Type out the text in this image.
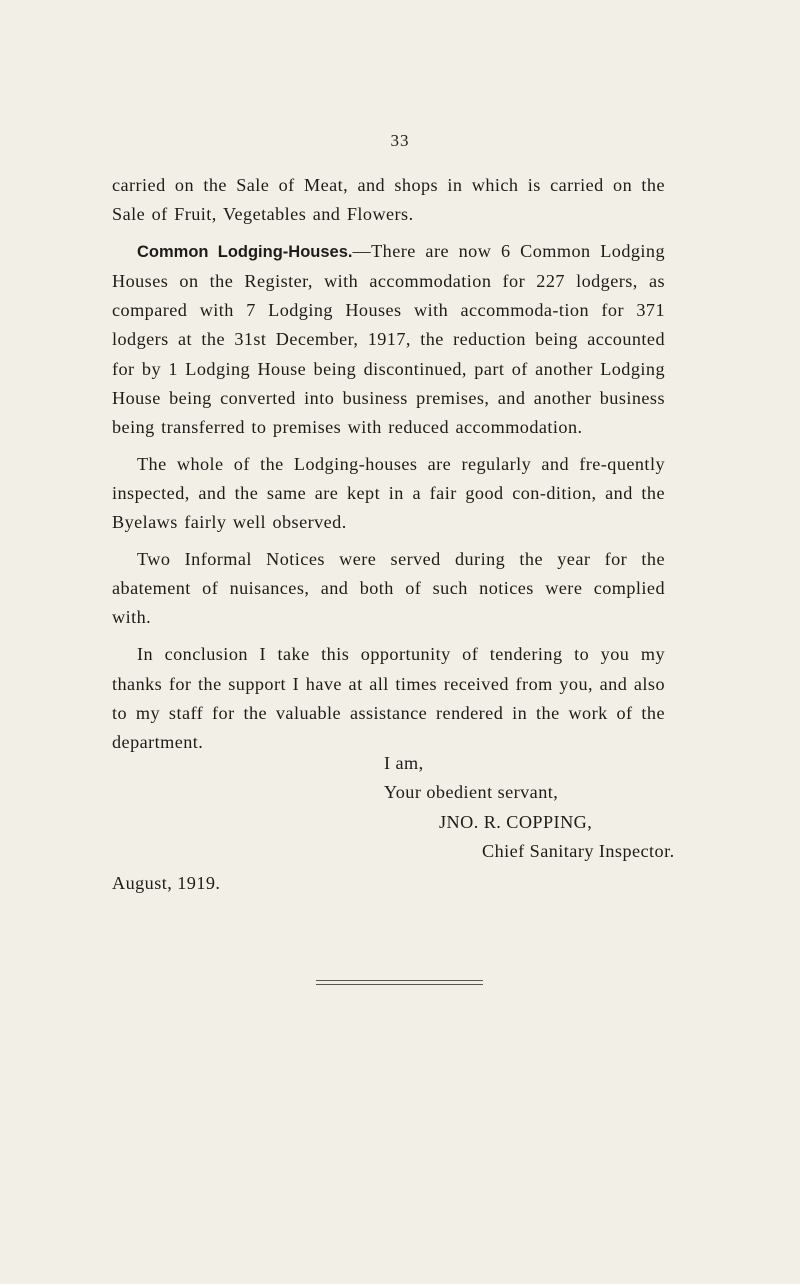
33

carried on the Sale of Meat, and shops in which is carried on the Sale of Fruit, Vegetables and Flowers.

Common Lodging-Houses.—There are now 6 Common Lodging Houses on the Register, with accommodation for 227 lodgers, as compared with 7 Lodging Houses with accommoda-tion for 371 lodgers at the 31st December, 1917, the reduction being accounted for by 1 Lodging House being discontinued, part of another Lodging House being converted into business premises, and another business being transferred to premises with reduced accommodation.

The whole of the Lodging-houses are regularly and fre-quently inspected, and the same are kept in a fair good con-dition, and the Byelaws fairly well observed.

Two Informal Notices were served during the year for the abatement of nuisances, and both of such notices were complied with.

In conclusion I take this opportunity of tendering to you my thanks for the support I have at all times received from you, and also to my staff for the valuable assistance rendered in the work of the department.

I am,
Your obedient servant,
JNO. R. COPPING,
Chief Sanitary Inspector.
August, 1919.
